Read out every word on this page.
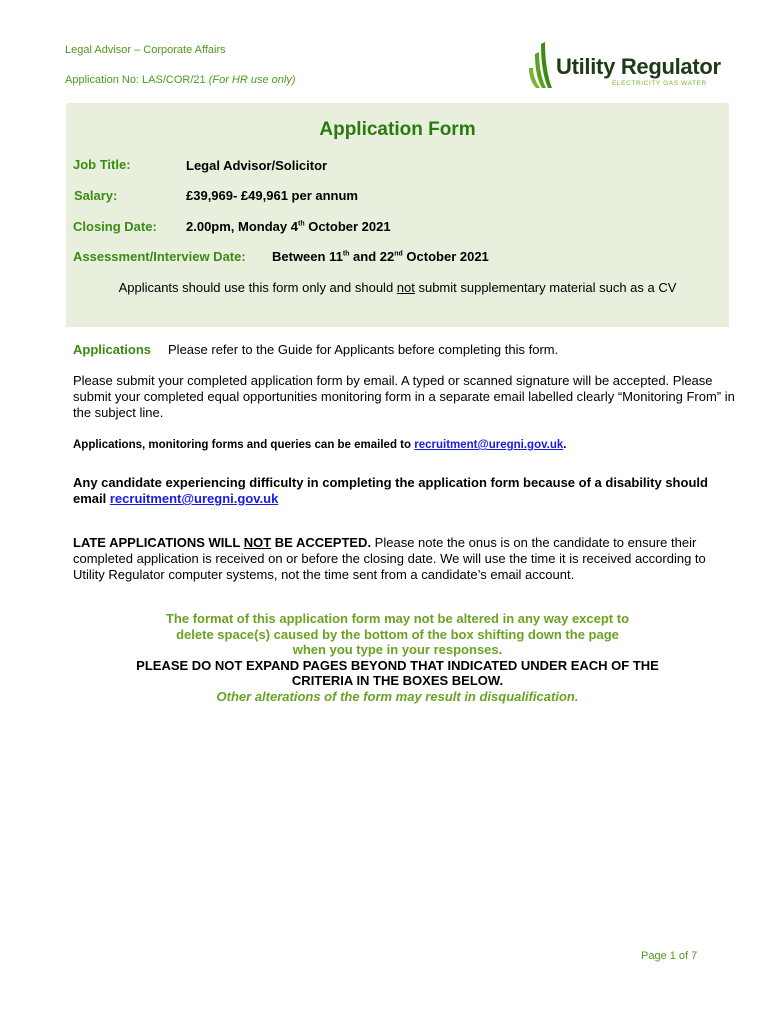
Legal Advisor – Corporate Affairs
Application No: LAS/COR/21 (For HR use only)
Utility Regulator
ELECTRICITY GAS WATER
Application Form
Job Title:	Legal Advisor/Solicitor
Salary:	£39,969- £49,961 per annum
Closing Date: 2.00pm, Monday 4th October 2021
Assessment/Interview Date: Between 11th and 22nd October 2021
Applicants should use this form only and should not submit supplementary material such as a CV
Applications Please refer to the Guide for Applicants before completing this form.
Please submit your completed application form by email. A typed or scanned signature will be accepted. Please submit your completed equal opportunities monitoring form in a separate email labelled clearly “Monitoring From” in the subject line.
Applications, monitoring forms and queries can be emailed to recruitment@uregni.gov.uk.
Any candidate experiencing difficulty in completing the application form because of a disability should email recruitment@uregni.gov.uk
LATE APPLICATIONS WILL NOT BE ACCEPTED. Please note the onus is on the candidate to ensure their completed application is received on or before the closing date. We will use the time it is received according to Utility Regulator computer systems, not the time sent from a candidate’s email account.
The format of this application form may not be altered in any way except to
delete space(s) caused by the bottom of the box shifting down the page
when you type in your responses.
PLEASE DO NOT EXPAND PAGES BEYOND THAT INDICATED UNDER EACH OF THE
CRITERIA IN THE BOXES BELOW.
Other alterations of the form may result in disqualification.
Page 1 of 7
